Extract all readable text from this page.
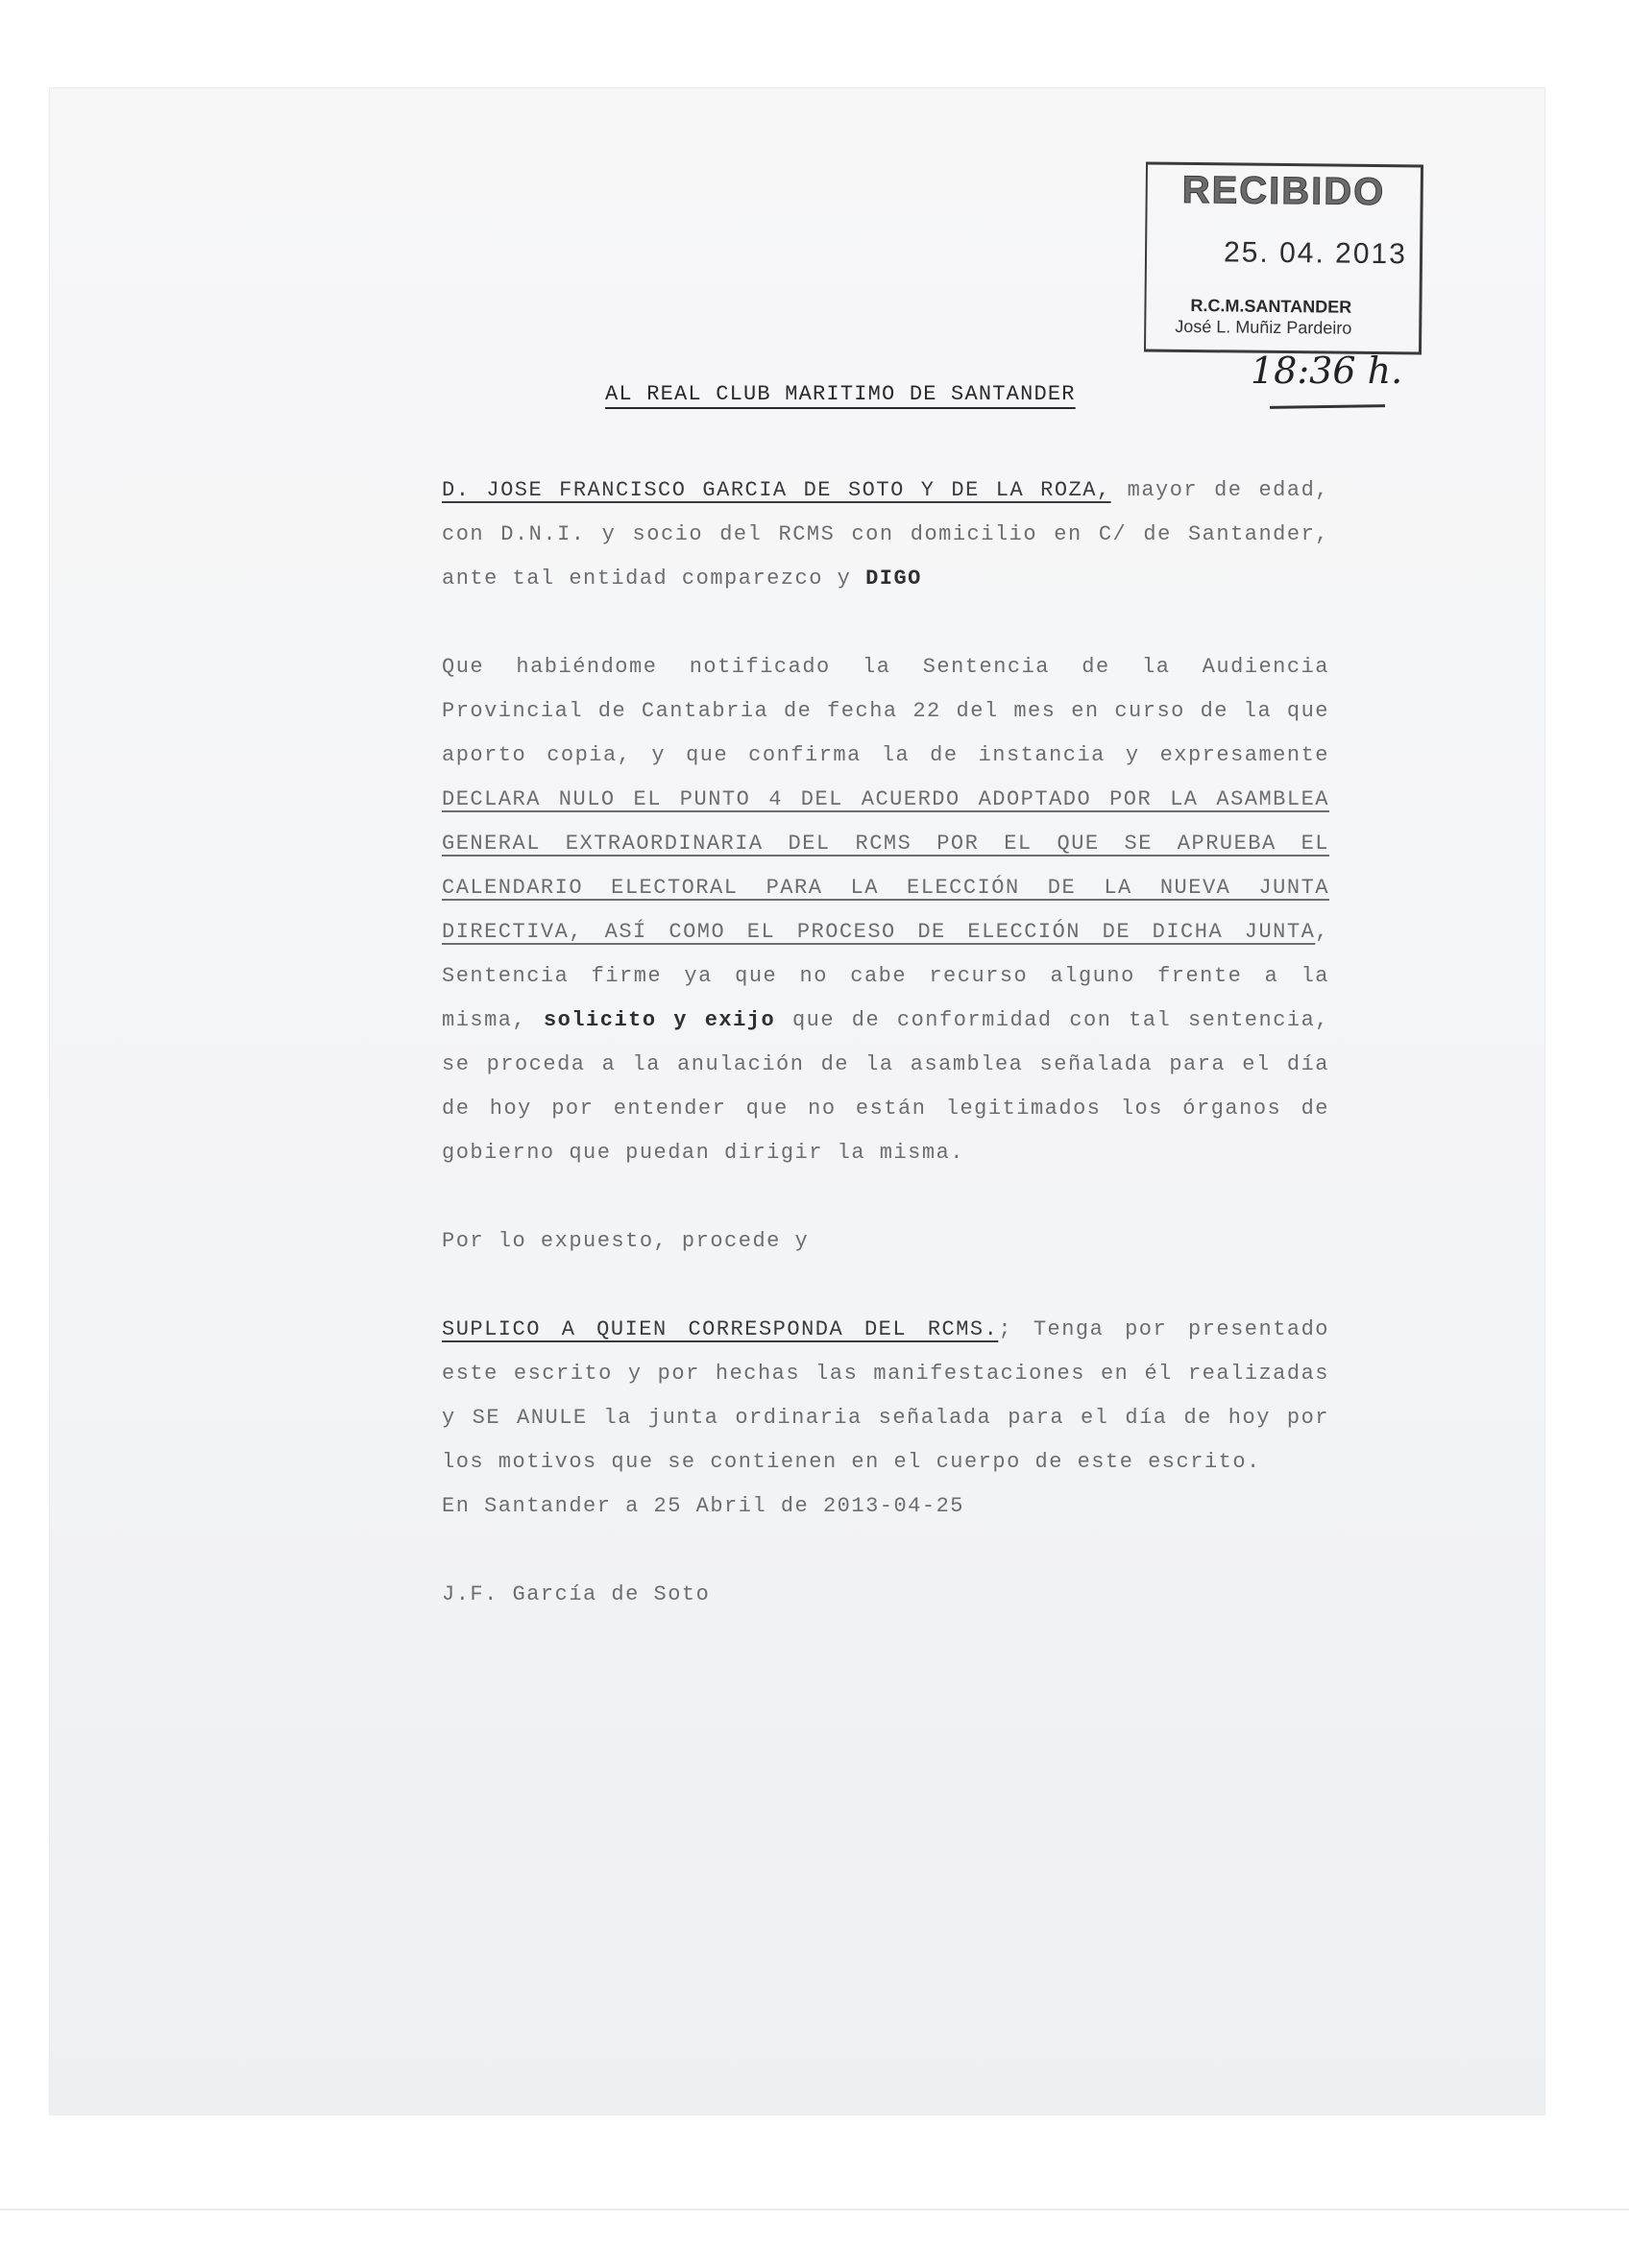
RECIBIDO
25. 04. 2013
R.C.M.SANTANDER
José L. Muñiz Pardeiro
18:36 h.
AL REAL CLUB MARITIMO DE SANTANDER

D. JOSE FRANCISCO GARCIA DE SOTO Y DE LA ROZA, mayor de edad, con D.N.I. y socio del RCMS con domicilio en C/ de Santander, ante tal entidad comparezco y DIGO

Que habiéndome notificado la Sentencia de la Audiencia Provincial de Cantabria de fecha 22 del mes en curso de la que aporto copia, y que confirma la de instancia y expresamente DECLARA NULO EL PUNTO 4 DEL ACUERDO ADOPTADO POR LA ASAMBLEA GENERAL EXTRAORDINARIA DEL RCMS POR EL QUE SE APRUEBA EL CALENDARIO ELECTORAL PARA LA ELECCIÓN DE LA NUEVA JUNTA DIRECTIVA, ASÍ COMO EL PROCESO DE ELECCIÓN DE DICHA JUNTA, Sentencia firme ya que no cabe recurso alguno frente a la misma, solicito y exijo que de conformidad con tal sentencia, se proceda a la anulación de la asamblea señalada para el día de hoy por entender que no están legitimados los órganos de gobierno que puedan dirigir la misma.

Por lo expuesto, procede y

SUPLICO A QUIEN CORRESPONDA DEL RCMS.; Tenga por presentado este escrito y por hechas las manifestaciones en él realizadas y SE ANULE la junta ordinaria señalada para el día de hoy por los motivos que se contienen en el cuerpo de este escrito.

En Santander a 25 Abril de 2013-04-25
J.F. García de Soto
